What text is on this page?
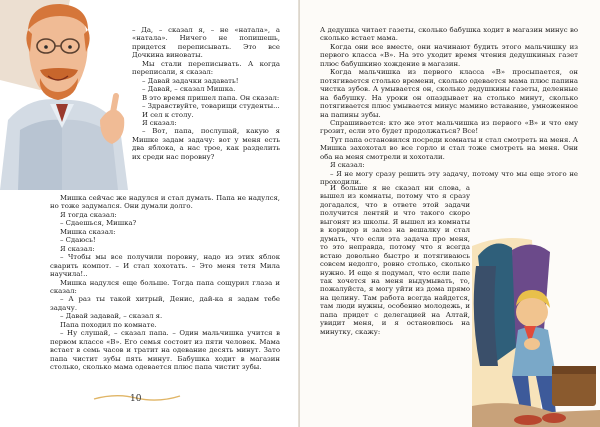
– Да, – сказал я, – не «натала», а «натала». Ничего не попишешь, придется переписывать. Это все Дочкина виноваты.

Мы стали переписывать. А когда переписали, я сказал:

– Давай задачки задавать!

– Давай, – сказал Мишка.

В это время пришел папа. Он сказал:

– Здравствуйте, товарищи студенты...

И сел к столу.

Я сказал:

– Вот, папа, послушай, какую я Мишке задам задачу: вот у меня есть два яблока, а нас трое, как разделить их среди нас поровну?

Мишка сейчас же надулся и стал думать. Папа не надулся, но тоже задумался. Они думали долго.

Я тогда сказал:

– Сдаешься, Мишка?

Мишка сказал:

– Сдаюсь!

Я сказал:

– Чтобы мы все получили поровну, надо из этих яблок сварить компот. – И стал хохотать. – Это меня тетя Мила научила!..

Мишка надулся еще больше. Тогда папа сощурил глаза и сказал:

– А раз ты такой хитрый, Денис, дай-ка я задам тебе задачу.

– Давай задавай, – сказал я.

Папа походил по комнате.

– Ну слушай, – сказал папа. – Один мальчишка учится в первом классе «В». Его семья состоит из пяти человек. Мама встает в семь часов и тратит на одевание десять минут. Зато папа чистит зубы пять минут. Бабушка ходит в магазин столько, сколько мама одевается плюс папа чистит зубы.

10

А дедушка читает газеты, сколько бабушка ходит в магазин минус во сколько встает мама.

Когда они все вместе, они начинают будить этого мальчишку из первого класса «В». На это уходит время чтения дедушкиных газет плюс бабушкино хождение в магазин.

Когда мальчишка из первого класса «В» просыпается, он потягивается столько времени, сколько одевается мама плюс папина чистка зубов. А умывается он, сколько дедушкины газеты, деленные на бабушку. На уроки он опаздывает на столько минут, сколько потягивается плюс умывается минус мамино вставание, умноженное на папины зубы.

Спрашивается: кто же этот мальчишка из первого «В» и что ему грозит, если это будет продолжаться? Все!

Тут папа остановился посреди комнаты и стал смотреть на меня. А Мишка захохотал во все горло и стал тоже смотреть на меня. Они оба на меня смотрели и хохотали.

Я сказал:

– Я не могу сразу решить эту задачу, потому что мы еще этого не проходили.

И больше я не сказал ни слова, а вышел из комнаты, потому что я сразу догадался, что в ответе этой задачи получится лентяй и что такого скоро выгонят из школы. Я вышел из комнаты в коридор и залез на вешалку и стал думать, что если эта задача про меня, то это неправда, потому что я всегда встаю довольно быстро и потягиваюсь совсем недолго, ровно столько, сколько нужно. И еще я подумал, что если папе так хочется на меня выдумывать, то, пожалуйста, я могу уйти из дома прямо на целину. Там работа всегда найдется, там люди нужны, особенно молодежь, и папа придет с делегацией на Алтай, увидит меня, и я остановлюсь на минутку, скажу:
